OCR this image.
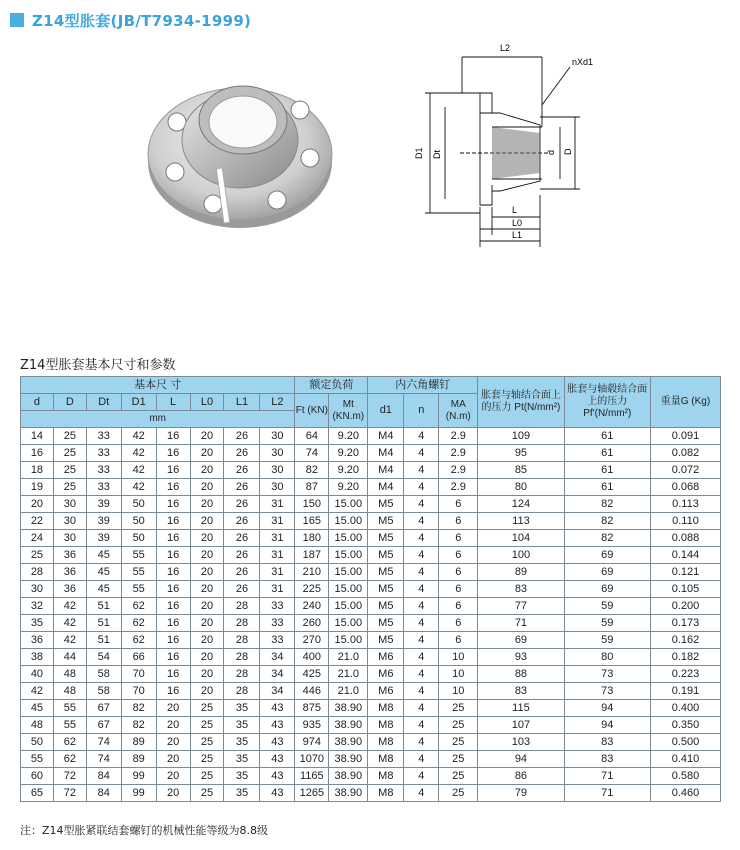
Z14型胀套(JB/T7934-1999)
L2
nXd1
D1 Dt	d D
L
L0
L1
Z14型胀套基本尺寸和参数
基本尺 寸								额定负荷		内六角螺钉			胀套与轴结合面上的压力 Pt(N/mm²)	胀套与轴毂结合面上的压力 Pf'(N/mm²)	重量G (Kg)
d	D	Dt	D1	L	L0	L1	L2	Ft (KN)	Mt (KN.m)	d1	n	MA (N.m)			
mm															
14	25	33	42	16	20	26	30	64	9.20	M4	4	2.9	109	61	0.091
16	25	33	42	16	20	26	30	74	9.20	M4	4	2.9	95	61	0.082
18	25	33	42	16	20	26	30	82	9.20	M4	4	2.9	85	61	0.072
19	25	33	42	16	20	26	30	87	9.20	M4	4	2.9	80	61	0.068
20	30	39	50	16	20	26	31	150	15.00	M5	4	6	124	82	0.113
22	30	39	50	16	20	26	31	165	15.00	M5	4	6	113	82	0.110
24	30	39	50	16	20	26	31	180	15.00	M5	4	6	104	82	0.088
25	36	45	55	16	20	26	31	187	15.00	M5	4	6	100	69	0.144
28	36	45	55	16	20	26	31	210	15.00	M5	4	6	89	69	0.121
30	36	45	55	16	20	26	31	225	15.00	M5	4	6	83	69	0.105
32	42	51	62	16	20	28	33	240	15.00	M5	4	6	77	59	0.200
35	42	51	62	16	20	28	33	260	15.00	M5	4	6	71	59	0.173
36	42	51	62	16	20	28	33	270	15.00	M5	4	6	69	59	0.162
38	44	54	66	16	20	28	34	400	21.0	M6	4	10	93	80	0.182
40	48	58	70	16	20	28	34	425	21.0	M6	4	10	88	73	0.223
42	48	58	70	16	20	28	34	446	21.0	M6	4	10	83	73	0.191
45	55	67	82	20	25	35	43	875	38.90	M8	4	25	115	94	0.400
48	55	67	82	20	25	35	43	935	38.90	M8	4	25	107	94	0.350
50	62	74	89	20	25	35	43	974	38.90	M8	4	25	103	83	0.500
55	62	74	89	20	25	35	43	1070	38.90	M8	4	25	94	83	0.410
60	72	84	99	20	25	35	43	1165	38.90	M8	4	25	86	71	0.580
65	72	84	99	20	25	35	43	1265	38.90	M8	4	25	79	71	0.460
注：Z14型胀紧联结套螺钉的机械性能等级为8.8级
